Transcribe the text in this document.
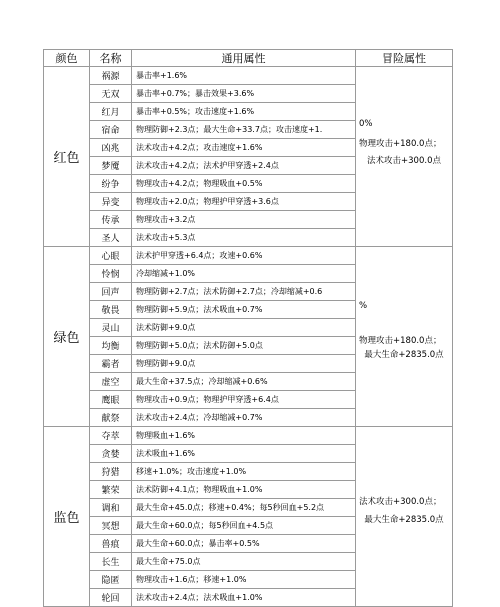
颜色	名称	通用属性	冒险属性
红色	祸源	暴击率+1.6%	0%
物理攻击+180.0点；
法术攻击+300.0点

	无双	暴击率+0.7%；暴击效果+3.6%	
	红月	暴击率+0.5%；攻击速度+1.6%	
	宿命	物理防御+2.3点；最大生命+33.7点；攻击速度+1.	
	凶兆	法术攻击+4.2点；攻击速度+1.6%	
	梦魇	法术攻击+4.2点；法术护甲穿透+2.4点	
	纷争	物理攻击+4.2点；物理吸血+0.5%	
	异变	物理攻击+2.0点；物理护甲穿透+3.6点	
	传承	物理攻击+3.2点	
	圣人	法术攻击+5.3点	
绿色	心眼	法术护甲穿透+6.4点；攻速+0.6%	%
物理攻击+180.0点；
最大生命+2835.0点

	怜悯	冷却缩减+1.0%	
	回声	物理防御+2.7点；法术防御+2.7点；冷却缩减+0.6	
	敬畏	物理防御+5.9点；法术吸血+0.7%	
	灵山	法术防御+9.0点	
	均衡	物理防御+5.0点；法术防御+5.0点	
	霸者	物理防御+9.0点	
	虚空	最大生命+37.5点；冷却缩减+0.6%	
	鹰眼	物理攻击+0.9点；物理护甲穿透+6.4点	
	献祭	法术攻击+2.4点；冷却缩减+0.7%	
监色	夺萃	物理吸血+1.6%	法术攻击+300.0点；
最大生命+2835.0点

	贪婪	法术吸血+1.6%	
	狩猎	移速+1.0%；攻击速度+1.0%	
	繁荣	法术防御+4.1点；物理吸血+1.0%	
	调和	最大生命+45.0点；移速+0.4%；每5秒回血+5.2点	
	冥想	最大生命+60.0点；每5秒回血+4.5点	
	兽痕	最大生命+60.0点；暴击率+0.5%	
	长生	最大生命+75.0点	
	隐匿	物理攻击+1.6点；移速+1.0%	
	轮回	法术攻击+2.4点；法术吸血+1.0%	
